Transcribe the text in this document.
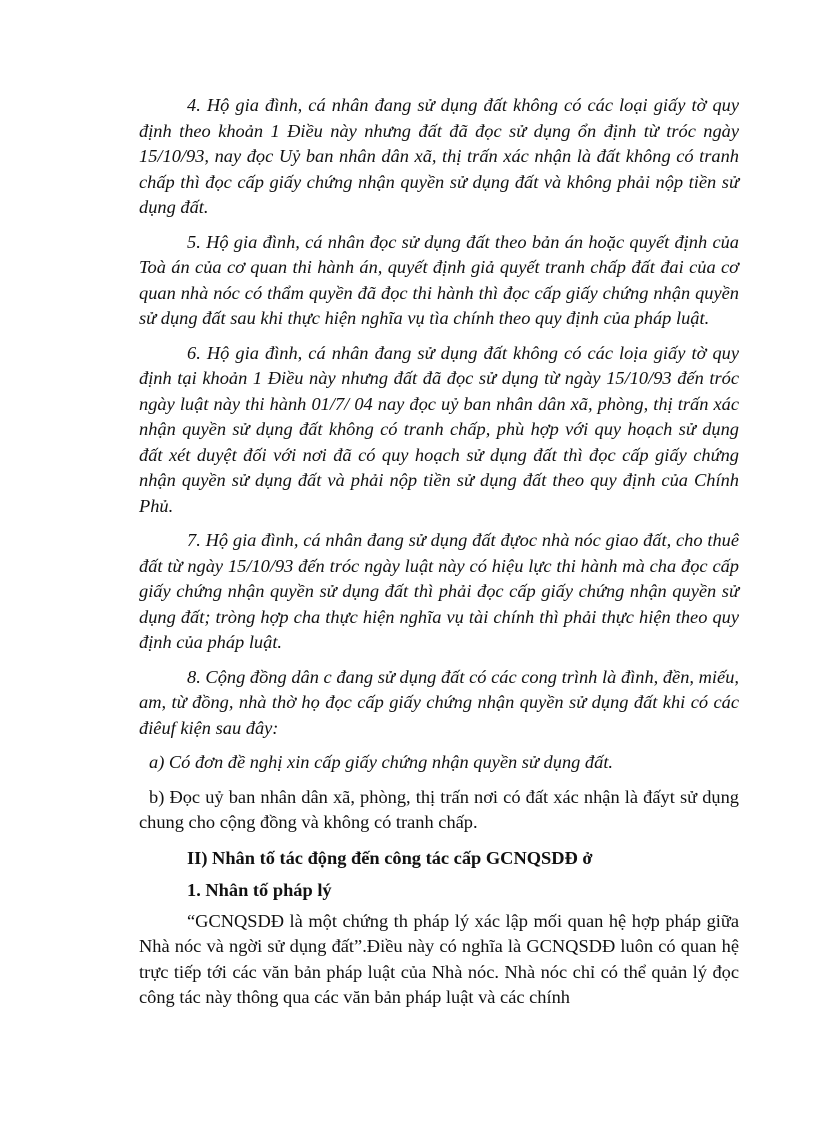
4. Hộ gia đình, cá nhân đang sử dụng đất không có các loại giấy tờ quy định theo khoản 1 Điều này nhưng đất đã đọc sử dụng ổn định từ tróc ngày 15/10/93, nay đọc Uỷ ban nhân dân xã, thị trấn xác nhận là đất không có tranh chấp thì đọc cấp giấy chứng nhận quyền sử dụng đất và không phải nộp tiền sử dụng đất.

5. Hộ gia đình, cá nhân đọc sử dụng đất theo bản án hoặc quyết định của Toà án của cơ quan thi hành án, quyết định giả quyết tranh chấp đất đai của cơ quan nhà nóc có thẩm quyền đã đọc thi hành thì đọc cấp giấy chứng nhận quyền sử dụng đất sau khi thực hiện nghĩa vụ tìa chính theo quy định của pháp luật.

6. Hộ gia đình, cá nhân đang sử dụng đất không có các loịa giấy tờ quy định tại khoản 1 Điều này nhưng đất đã đọc sử dụng từ ngày 15/10/93 đến tróc ngày luật này thi hành 01/7/ 04 nay đọc uỷ ban nhân dân xã, phòng, thị trấn xác nhận quyền sử dụng đất không có tranh chấp, phù hợp với quy hoạch sử dụng đất xét duyệt đối với nơi đã có quy hoạch sử dụng đất thì đọc cấp giấy chứng nhận quyền sử dụng đất và phải nộp tiền sử dụng đất theo quy định của Chính Phủ.

7. Hộ gia đình, cá nhân đang sử dụng đất đựoc nhà nóc giao đất, cho thuê đất từ ngày 15/10/93 đến tróc ngày luật này có hiệu lực thi hành mà cha đọc cấp giấy chứng nhận quyền sử dụng đất thì phải đọc cấp giấy chứng nhận quyền sử dụng đất; tròng hợp cha thực hiện nghĩa vụ tài chính thì phải thực hiện theo quy định của pháp luật.

8. Cộng đồng dân c đang sử dụng đất có các cong trình là đình, đền, miếu, am, từ đồng, nhà thờ họ đọc cấp giấy chứng nhận quyền sử dụng đất khi có các điêuf kiện sau đây:

a) Có đơn đề nghị xin cấp giấy chứng nhận quyền sử dụng đất.

b) Đọc uỷ ban nhân dân xã, phòng, thị trấn nơi có đất xác nhận là đấyt sử dụng chung cho cộng đồng và không có tranh chấp.

II) Nhân tố tác động đến công tác cấp GCNQSDĐ ở
1. Nhân tố pháp lý

“GCNQSDĐ là một chứng th pháp lý xác lập mối quan hệ hợp pháp giữa Nhà nóc và ngời sử dụng đất”.Điều này có nghĩa là GCNQSDĐ luôn có quan hệ trực tiếp tới các văn bản pháp luật của Nhà nóc. Nhà nóc chỉ có thể quản lý đọc công tác này thông qua các văn bản pháp luật và các chính
